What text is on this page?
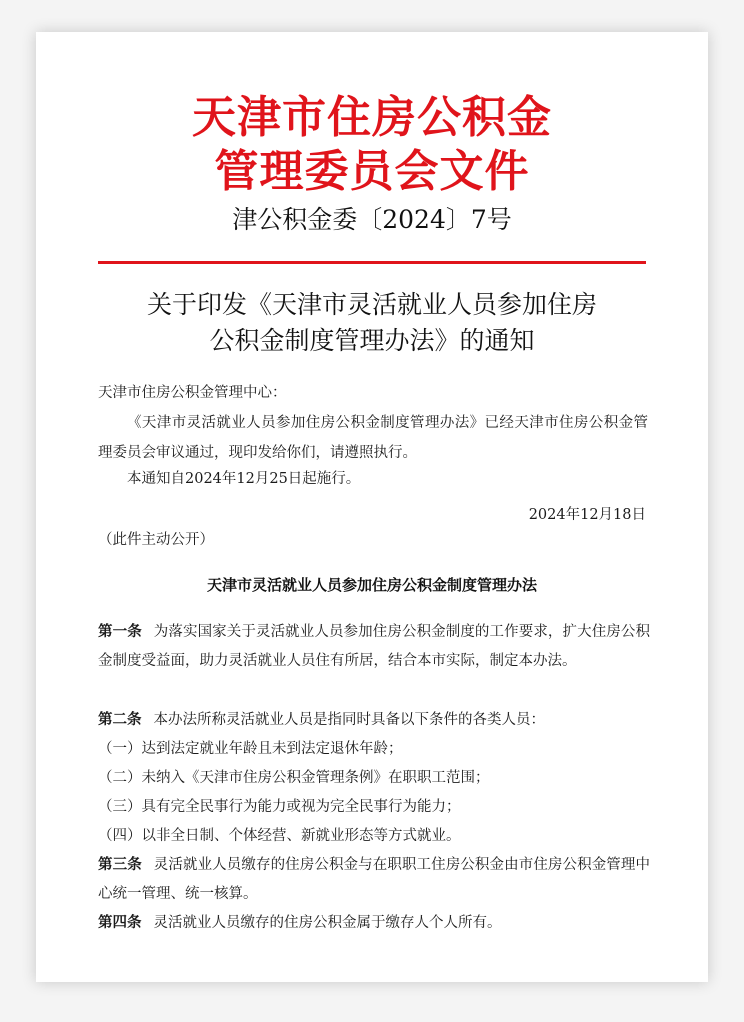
天津市住房公积金
管理委员会文件
津公积金委〔2024〕7号
关于印发《天津市灵活就业人员参加住房
公积金制度管理办法》的通知

天津市住房公积金管理中心：

《天津市灵活就业人员参加住房公积金制度管理办法》已经天津市住房公积金管理委员会审议通过，现印发给你们，请遵照执行。

本通知自2024年12月25日起施行。

2024年12月18日

（此件主动公开）

天津市灵活就业人员参加住房公积金制度管理办法

第一条 为落实国家关于灵活就业人员参加住房公积金制度的工作要求，扩大住房公积金制度受益面，助力灵活就业人员住有所居，结合本市实际，制定本办法。

第二条 本办法所称灵活就业人员是指同时具备以下条件的各类人员：

（一）达到法定就业年龄且未到法定退休年龄；

（二）未纳入《天津市住房公积金管理条例》在职职工范围；

（三）具有完全民事行为能力或视为完全民事行为能力；

（四）以非全日制、个体经营、新就业形态等方式就业。

第三条 灵活就业人员缴存的住房公积金与在职职工住房公积金由市住房公积金管理中心统一管理、统一核算。

第四条 灵活就业人员缴存的住房公积金属于缴存人个人所有。
